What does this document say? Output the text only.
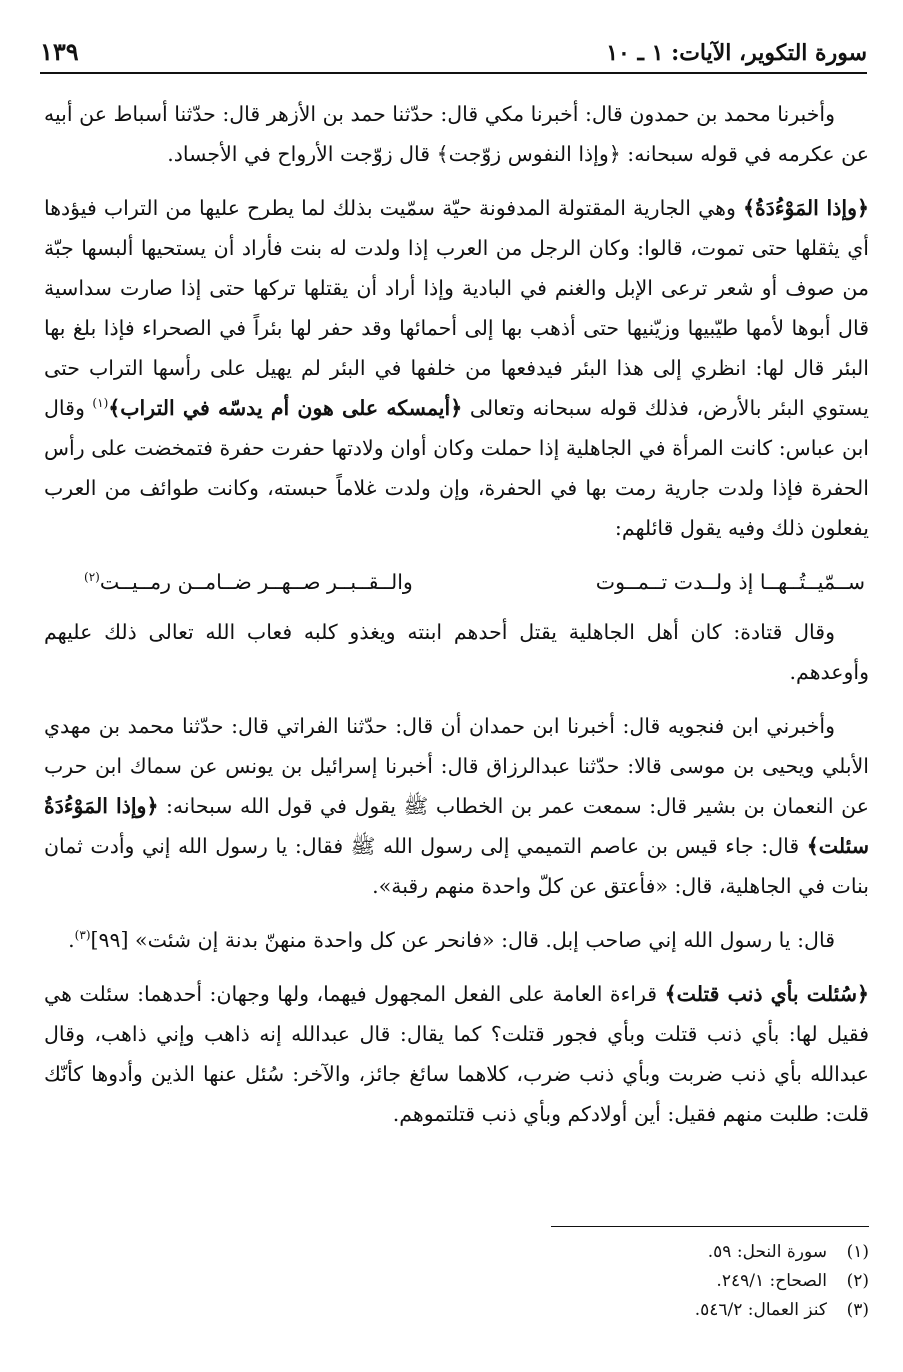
سورة التكوير، الآيات: ١ ـ ١٠
١٣٩

وأخبرنا محمد بن حمدون قال: أخبرنا مكي قال: حدّثنا حمد بن الأزهر قال: حدّثنا أسباط عن أبيه عن عكرمه في قوله سبحانه: ﴿وإذا النفوس زوّجت﴾ قال زوّجت الأرواح في الأجساد.

﴿وإذا المَوْءُدَةُ﴾ وهي الجارية المقتولة المدفونة حيّة سمّيت بذلك لما يطرح عليها من التراب فيؤدها أي يثقلها حتى تموت، قالوا: وكان الرجل من العرب إذا ولدت له بنت فأراد أن يستحيها ألبسها جبّة من صوف أو شعر ترعى الإبل والغنم في البادية وإذا أراد أن يقتلها تركها حتى إذا صارت سداسية قال أبوها لأمها طيّبيها وزيّنيها حتى أذهب بها إلى أحمائها وقد حفر لها بئراً في الصحراء فإذا بلغ بها البئر قال لها: انظري إلى هذا البئر فيدفعها من خلفها في البئر لم يهيل على رأسها التراب حتى يستوي البئر بالأرض، فذلك قوله سبحانه وتعالى ﴿أيمسكه على هون أم يدسّه في التراب﴾$^{(١)}$ وقال ابن عباس: كانت المرأة في الجاهلية إذا حملت وكان أوان ولادتها حفرت حفرة فتمخضت على رأس الحفرة فإذا ولدت جارية رمت بها في الحفرة، وإن ولدت غلاماً حبسته، وكانت طوائف من العرب يفعلون ذلك وفيه يقول قائلهم:

ســمّيــتُــهــا إذ ولــدت تــمــوت
والــقــبــر صــهــر ضــامــن رمــيــت$^{(٢)}$

وقال قتادة: كان أهل الجاهلية يقتل أحدهم ابنته ويغذو كلبه فعاب الله تعالى ذلك عليهم وأوعدهم.

وأخبرني ابن فنجويه قال: أخبرنا ابن حمدان أن قال: حدّثنا الفراتي قال: حدّثنا محمد بن مهدي الأبلي ويحيى بن موسى قالا: حدّثنا عبدالرزاق قال: أخبرنا إسرائيل بن يونس عن سماك ابن حرب عن النعمان بن بشير قال: سمعت عمر بن الخطاب ﷺ يقول في قول الله سبحانه: ﴿وإذا المَوْءُدَةُ سئلت﴾ قال: جاء قيس بن عاصم التميمي إلى رسول الله ﷺ فقال: يا رسول الله إني وأدت ثمان بنات في الجاهلية، قال: «فأعتق عن كلّ واحدة منهم رقبة».

قال: يا رسول الله إني صاحب إبل. قال: «فانحر عن كل واحدة منهنّ بدنة إن شئت» [٩٩]$^{(٣)}$.

﴿سُئلت بأي ذنب قتلت﴾ قراءة العامة على الفعل المجهول فيهما، ولها وجهان: أحدهما: سئلت هي فقيل لها: بأي ذنب قتلت وبأي فجور قتلت؟ كما يقال: قال عبدالله إنه ذاهب وإني ذاهب، وقال عبدالله بأي ذنب ضربت وبأي ذنب ضرب، كلاهما سائغ جائز، والآخر: سُئل عنها الذين وأدوها كأنّك قلت: طلبت منهم فقيل: أين أولادكم وبأي ذنب قتلتموهم.

(١)
سورة النحل: ٥٩.
(٢)
الصحاح: ٢٤٩/١.
(٣)
كنز العمال: ٥٤٦/٢.
